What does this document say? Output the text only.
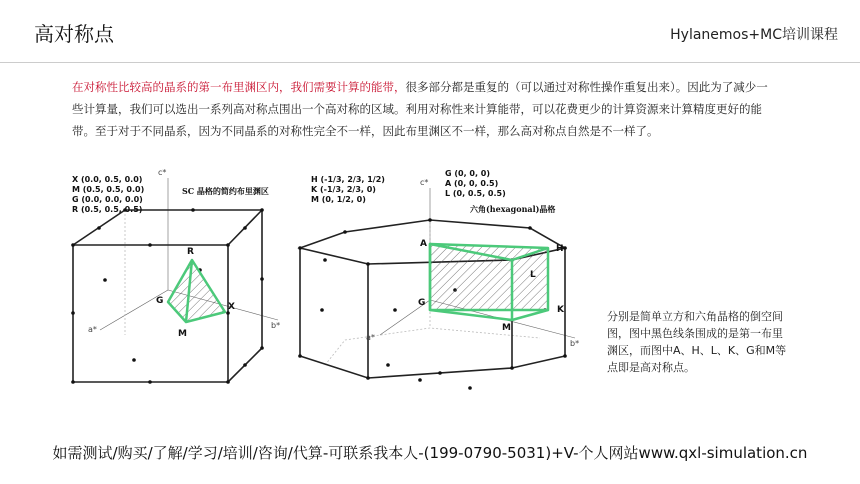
高对称点	Hylanemos+MC培训课程
在对称性比较高的晶系的第一布里渊区内，我们需要计算的能带，很多部分都是重复的（可以通过对称性操作重复出来）。因此为了减少一些计算量，我们可以选出一系列高对称点围出一个高对称的区域。利用对称性来计算能带，可以花费更少的计算资源来计算精度更好的能带。至于对于不同晶系，因为不同晶系的对称性完全不一样，因此布里渊区不一样，那么高对称点自然是不一样了。
c*
a*	b*
R
G
X
M
X (0.0, 0.5, 0.0)
M (0.5, 0.5, 0.0)
G (0.0, 0.0, 0.0)
R (0.5, 0.5, 0.5)
SC 晶格的简约布里渊区
c*
a*
b*
A	H
L
G
M
K
H (-1/3, 2/3, 1/2)
K (-1/3, 2/3, 0)
M (0, 1/2, 0)
G (0, 0, 0)
A (0, 0, 0.5)
L (0, 0.5, 0.5)
六角(hexagonal)晶格
分别是简单立方和六角晶格的倒空间图，图中黑色线条围成的是第一布里渊区，而图中A、H、L、K、G和M等点即是高对称点。
如需测试/购买/了解/学习/培训/咨询/代算-可联系我本人-(199-0790-5031)+V-个人网站www.qxl-simulation.cn
